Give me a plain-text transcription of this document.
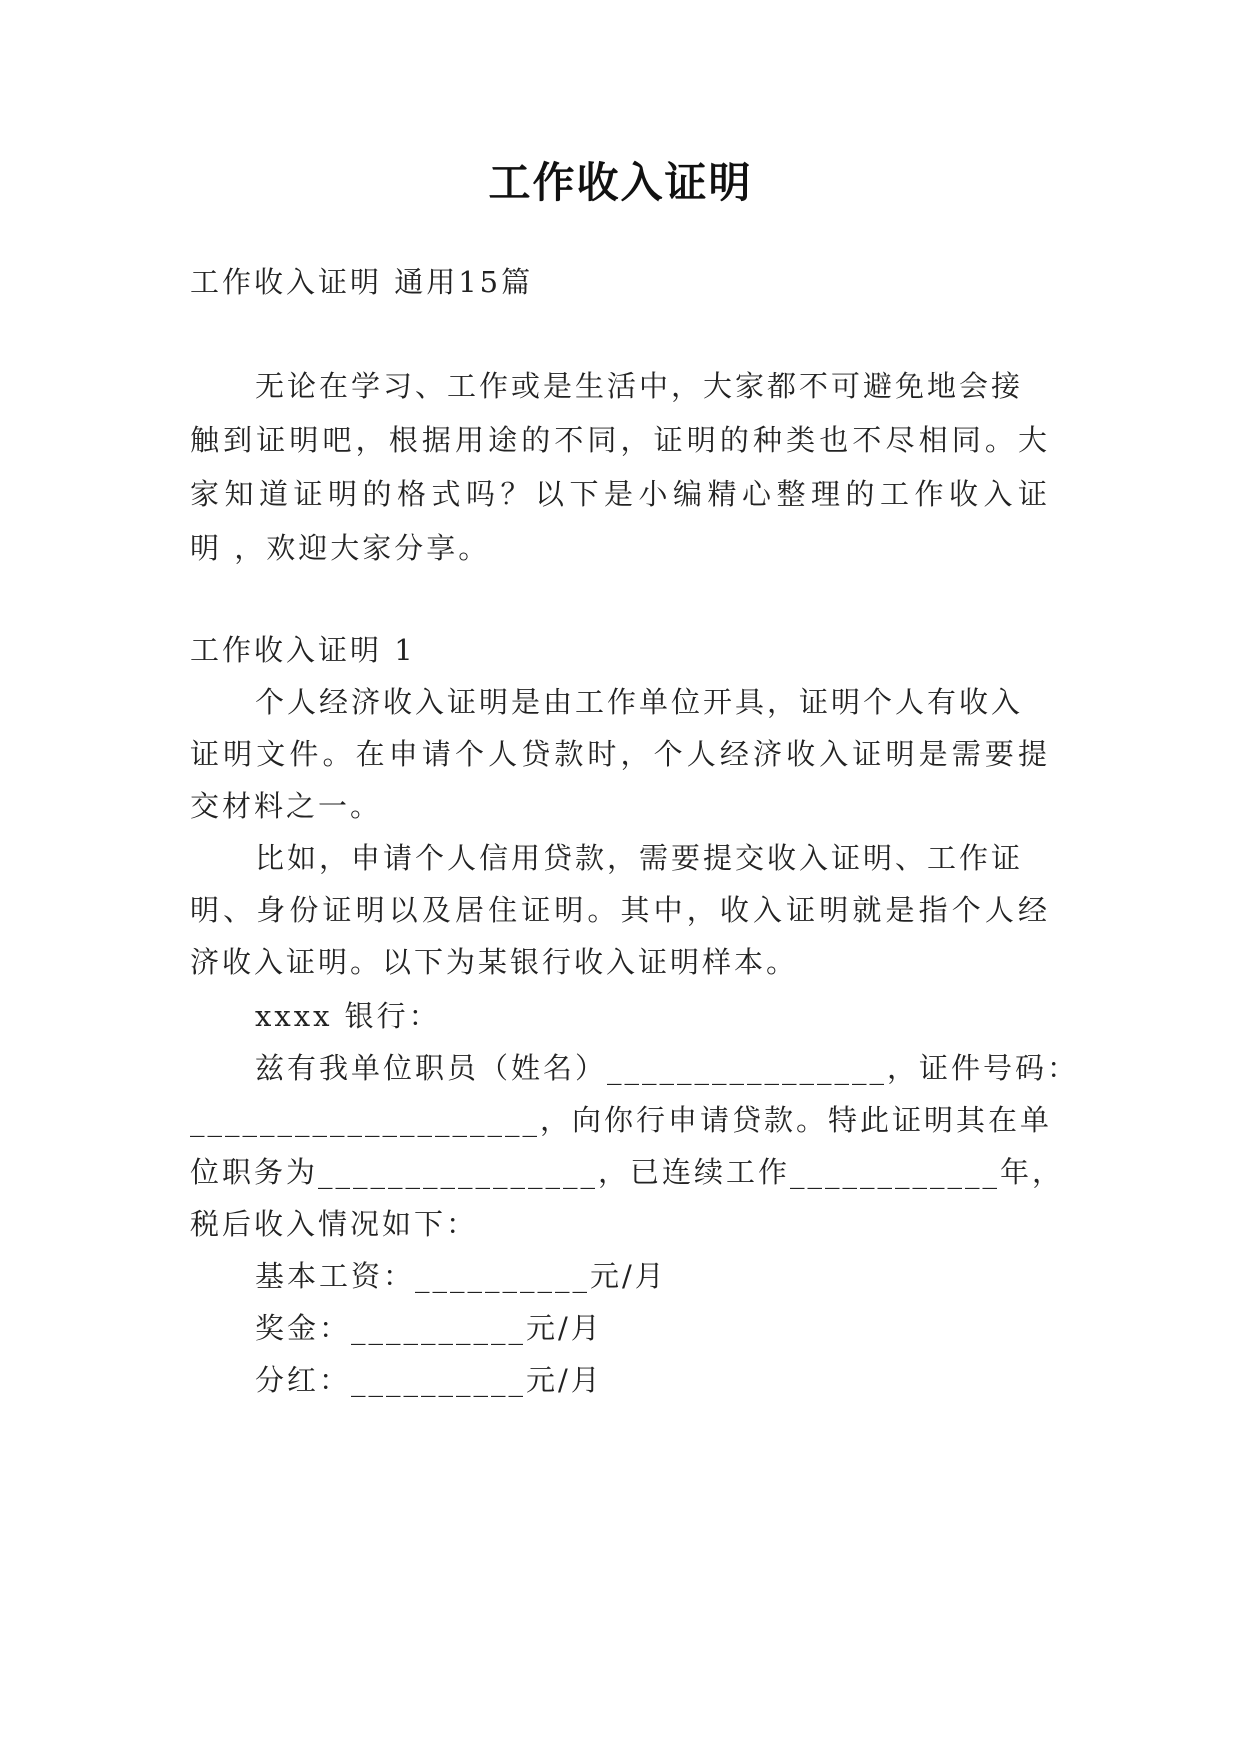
工作收入证明
工作收入证明 通用15篇
无论在学习、工作或是生活中，大家都不可避免地会接
触到证明吧，根据用途的不同，证明的种类也不尽相同。大
家知道证明的格式吗？以下是小编精心整理的工作收入证
明 ，欢迎大家分享。
工作收入证明 1
个人经济收入证明是由工作单位开具，证明个人有收入
证明文件。在申请个人贷款时，个人经济收入证明是需要提
交材料之一。
比如，申请个人信用贷款，需要提交收入证明、工作证
明、身份证明以及居住证明。其中，收入证明就是指个人经
济收入证明。以下为某银行收入证明样本。
xxxx 银行：
兹有我单位职员（姓名）________________，证件号码：
____________________，向你行申请贷款。特此证明其在单
位职务为________________，已连续工作____________年，
税后收入情况如下：
基本工资：__________元/月
奖金：__________元/月
分红：__________元/月
